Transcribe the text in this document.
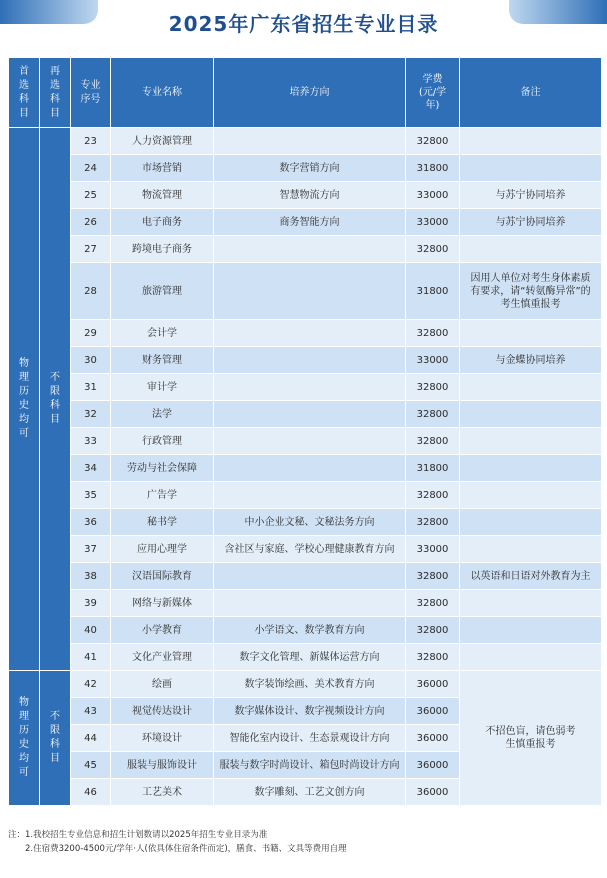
2025年广东省招生专业目录
首选科目	再选科目	专业序号	专业名称	培养方向	学费(元/学年)	备注
物理历史均可	不限科目	23	人力资源管理		32800	
		24	市场营销	数字营销方向	31800	
		25	物流管理	智慧物流方向	33000	与苏宁协同培养
		26	电子商务	商务智能方向	33000	与苏宁协同培养
		27	跨境电子商务		32800	
		28	旅游管理		31800	因用人单位对考生身体素质有要求，请“转氨酶异常”的考生慎重报考
		29	会计学		32800	
		30	财务管理		33000	与金蝶协同培养
		31	审计学		32800	
		32	法学		32800	
		33	行政管理		32800	
		34	劳动与社会保障		31800	
		35	广告学		32800	
		36	秘书学	中小企业文秘、文秘法务方向	32800	
		37	应用心理学	含社区与家庭、学校心理健康教育方向	33000	
		38	汉语国际教育		32800	以英语和日语对外教育为主
		39	网络与新媒体		32800	
		40	小学教育	小学语文、数学教育方向	32800	
		41	文化产业管理	数字文化管理、新媒体运营方向	32800	
物理历史均可	不限科目	42	绘画	数字装饰绘画、美术教育方向	36000	不招色盲，请色弱考生慎重报考
		43	视觉传达设计	数字媒体设计、数字视频设计方向	36000	
		44	环境设计	智能化室内设计、生态景观设计方向	36000	
		45	服装与服饰设计	服装与数字时尚设计、箱包时尚设计方向	36000	
		46	工艺美术	数字雕刻、工艺文创方向	36000	
注：1.我校招生专业信息和招生计划数请以2025年招生专业目录为准
2.住宿费3200-4500元/学年·人(依具体住宿条件而定)，膳食、书籍、文具等费用自理
